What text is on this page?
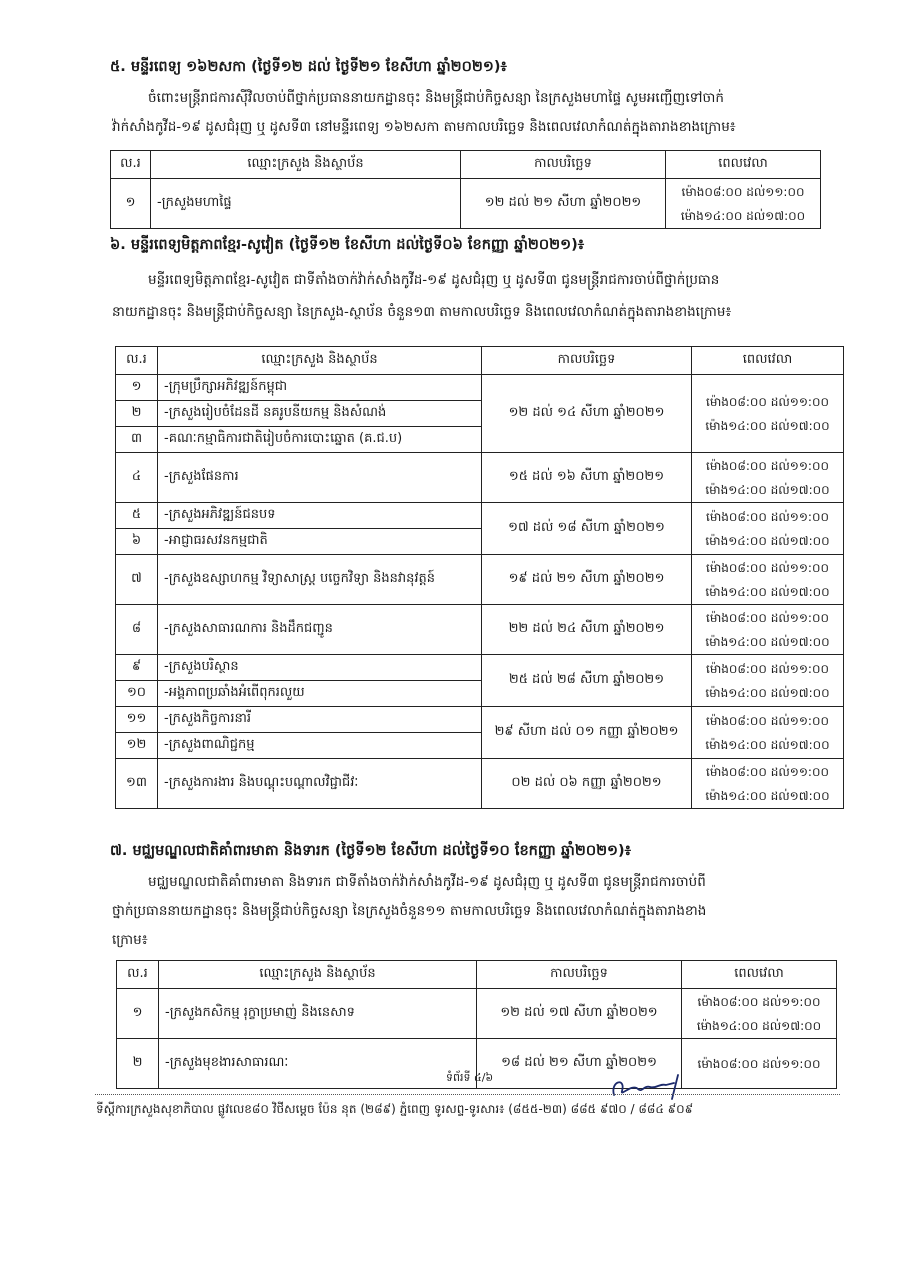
៥. មន្ទីរពេទ្យ ១៦២សកា (ថ្ងៃទី១២ ដល់ ថ្ងៃទី២១ ខែសីហា ឆ្នាំ២០២១)៖

ចំពោះមន្ត្រីរាជការស៊ីវិលចាប់ពីថ្នាក់ប្រធាននាយកដ្ឋានចុះ និងមន្ត្រីជាប់កិច្ចសន្យា នៃក្រសួងមហាផ្ទៃ សូមអញ្ជើញទៅចាក់

វ៉ាក់សាំងកូវីដ-១៩ ដូសជំរុញ ឬ ដូសទី៣ នៅមន្ទីរពេទ្យ ១៦២សកា តាមកាលបរិច្ឆេទ និងពេលវេលាកំណត់ក្នុងតារាងខាងក្រោម៖

ល.រ	ឈ្មោះក្រសួង និងស្ថាប័ន	កាលបរិច្ឆេទ	ពេលវេលា
១	-ក្រសួងមហាផ្ទៃ	១២ ដល់ ២១ សីហា ឆ្នាំ២០២១	ម៉ោង០៨:០០ ដល់១១:០០
ម៉ោង១៤:០០ ដល់១៧:០០
៦. មន្ទីរពេទ្យមិត្តភាពខ្មែរ-សូវៀត (ថ្ងៃទី១២ ខែសីហា ដល់ថ្ងៃទី០៦ ខែកញ្ញា ឆ្នាំ២០២១)៖

មន្ទីរពេទ្យមិត្តភាពខ្មែរ-សូវៀត ជាទីតាំងចាក់វ៉ាក់សាំងកូវីដ-១៩ ដូសជំរុញ ឬ ដូសទី៣ ជូនមន្ត្រីរាជការចាប់ពីថ្នាក់ប្រធាន

នាយកដ្ឋានចុះ និងមន្ត្រីជាប់កិច្ចសន្យា នៃក្រសួង-ស្ថាប័ន ចំនួន១៣ តាមកាលបរិច្ឆេទ និងពេលវេលាកំណត់ក្នុងតារាងខាងក្រោម៖

ល.រ	ឈ្មោះក្រសួង និងស្ថាប័ន	កាលបរិច្ឆេទ	ពេលវេលា
១	-ក្រុមប្រឹក្សាអភិវឌ្ឍន៍កម្ពុជា	១២ ដល់ ១៤ សីហា ឆ្នាំ២០២១	ម៉ោង០៨:០០ ដល់១១:០០
ម៉ោង១៤:០០ ដល់១៧:០០

២	-ក្រសួងរៀបចំដែនដី នគរូបនីយកម្ម និងសំណង់		
៣	-គណៈកម្មាធិការជាតិរៀបចំការបោះឆ្នោត (គ.ជ.ប)		
៤	-ក្រសួងផែនការ	១៥ ដល់ ១៦ សីហា ឆ្នាំ២០២១	ម៉ោង០៨:០០ ដល់១១:០០
ម៉ោង១៤:០០ ដល់១៧:០០

៥	-ក្រសួងអភិវឌ្ឍន៍ជនបទ	១៧ ដល់ ១៨ សីហា ឆ្នាំ២០២១	ម៉ោង០៨:០០ ដល់១១:០០
ម៉ោង១៤:០០ ដល់១៧:០០

៦	-អាជ្ញាធរសវនកម្មជាតិ		
៧	-ក្រសួងឧស្សាហកម្ម វិទ្យាសាស្ត្រ បច្ចេកវិទ្យា និងនវានុវត្តន៍	១៩ ដល់ ២១ សីហា ឆ្នាំ២០២១	ម៉ោង០៨:០០ ដល់១១:០០
ម៉ោង១៤:០០ ដល់១៧:០០

៨	-ក្រសួងសាធារណការ និងដឹកជញ្ជូន	២២ ដល់ ២៤ សីហា ឆ្នាំ២០២១	ម៉ោង០៨:០០ ដល់១១:០០
ម៉ោង១៤:០០ ដល់១៧:០០

៩	-ក្រសួងបរិស្ថាន	២៥ ដល់ ២៨ សីហា ឆ្នាំ២០២១	ម៉ោង០៨:០០ ដល់១១:០០
ម៉ោង១៤:០០ ដល់១៧:០០

១០	-អង្គភាពប្រឆាំងអំពើពុករលួយ		
១១	-ក្រសួងកិច្ចការនារី	២៩ សីហា ដល់ ០១ កញ្ញា ឆ្នាំ២០២១	ម៉ោង០៨:០០ ដល់១១:០០
ម៉ោង១៤:០០ ដល់១៧:០០

១២	-ក្រសួងពាណិជ្ជកម្ម		
១៣	-ក្រសួងការងារ និងបណ្តុះបណ្តាលវិជ្ជាជីវៈ	០២ ដល់ ០៦ កញ្ញា ឆ្នាំ២០២១	ម៉ោង០៨:០០ ដល់១១:០០
ម៉ោង១៤:០០ ដល់១៧:០០
៧. មជ្ឈមណ្ឌលជាតិគាំពារមាតា និងទារក (ថ្ងៃទី១២ ខែសីហា ដល់ថ្ងៃទី១០ ខែកញ្ញា ឆ្នាំ២០២១)៖

មជ្ឈមណ្ឌលជាតិគាំពារមាតា និងទារក ជាទីតាំងចាក់វ៉ាក់សាំងកូវីដ-១៩ ដូសជំរុញ ឬ ដូសទី៣ ជូនមន្ត្រីរាជការចាប់ពី

ថ្នាក់ប្រធាននាយកដ្ឋានចុះ និងមន្ត្រីជាប់កិច្ចសន្យា នៃក្រសួងចំនួន១១ តាមកាលបរិច្ឆេទ និងពេលវេលាកំណត់ក្នុងតារាងខាង

ក្រោម៖

ល.រ	ឈ្មោះក្រសួង និងស្ថាប័ន	កាលបរិច្ឆេទ	ពេលវេលា
១	-ក្រសួងកសិកម្ម រុក្ខាប្រមាញ់ និងនេសាទ	១២ ដល់ ១៧ សីហា ឆ្នាំ២០២១	ម៉ោង០៨:០០ ដល់១១:០០
ម៉ោង១៤:០០ ដល់១៧:០០

២	-ក្រសួងមុខងារសាធារណៈ	១៨ ដល់ ២១ សីហា ឆ្នាំ២០២១	ម៉ោង០៨:០០ ដល់១១:០០
ទំព័រទី ៤/៦
ទីស្តីការក្រសួងសុខាភិបាល ផ្លូវលេខ៨០ វិថីសម្តេច ប៉ែន នុត (២៨៩) ភ្នំពេញ ទូរសព្ទ-ទូរសារ៖ (៨៥៥-២៣) ៨៨៥ ៩៧០ / ៨៨៤ ៩០៩
